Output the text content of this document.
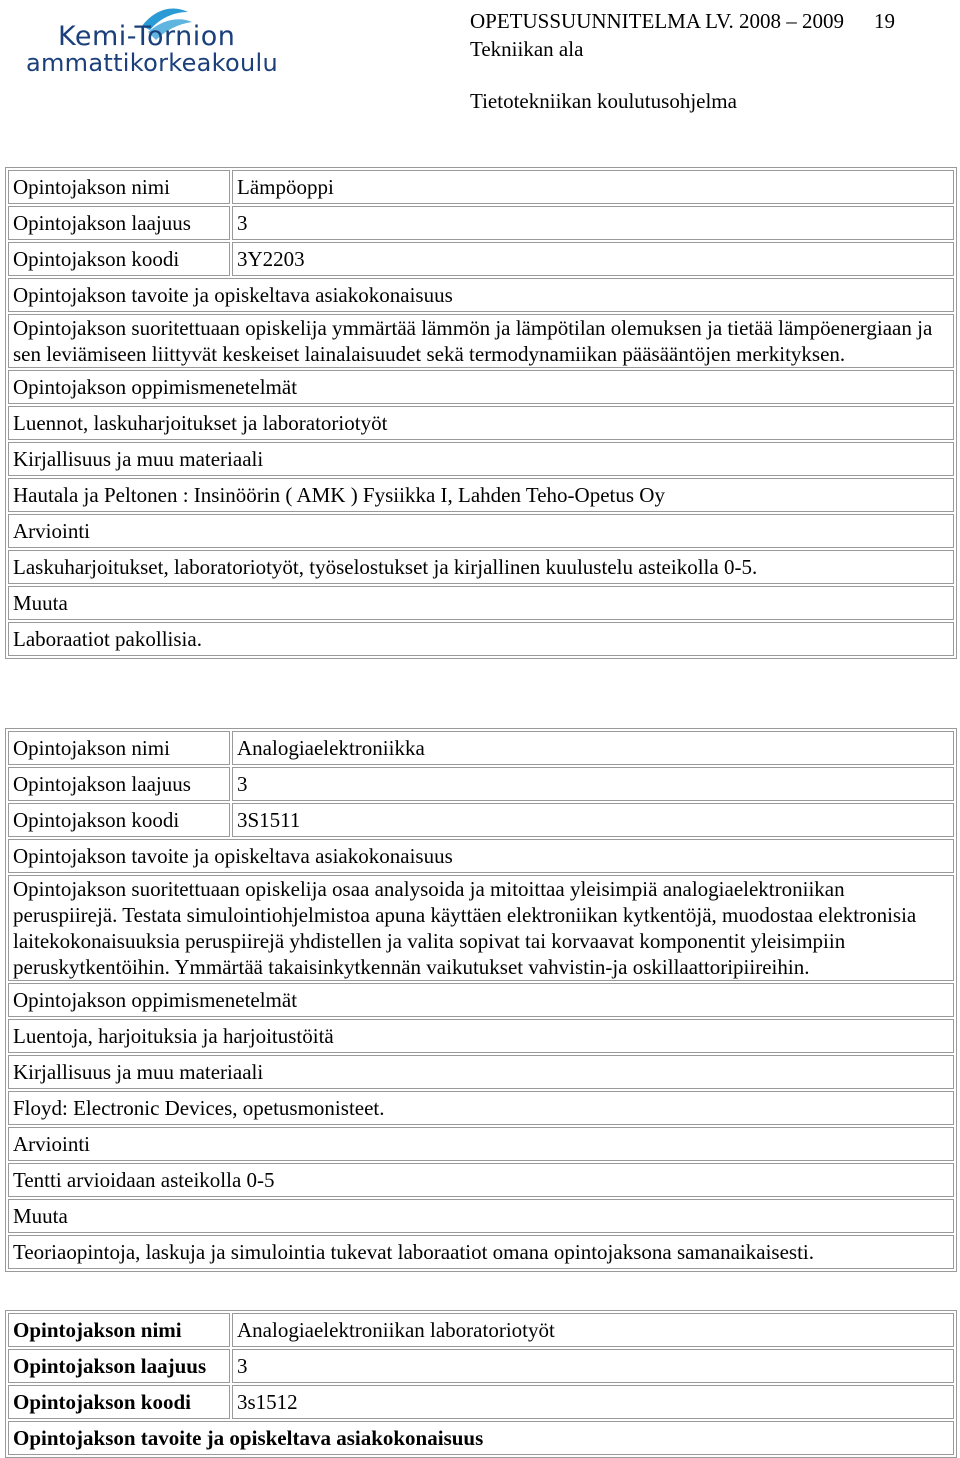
Kemi-Tornion
ammattikorkeakoulu
OPETUSSUUNNITELMA LV. 2008 – 2009 19
Tekniikan ala
Tietotekniikan koulutusohjelma
Opintojakson nimi	Lämpöoppi
Opintojakson laajuus	3
Opintojakson koodi	3Y2203
Opintojakson tavoite ja opiskeltava asiakokonaisuus	
Opintojakson suoritettuaan opiskelija ymmärtää lämmön ja lämpötilan olemuksen ja tietää lämpöenergiaan ja sen leviämiseen liittyvät keskeiset lainalaisuudet sekä termodynamiikan pääsääntöjen merkityksen.	
Opintojakson oppimismenetelmät	
Luennot, laskuharjoitukset ja laboratoriotyöt	
Kirjallisuus ja muu materiaali	
Hautala ja Peltonen : Insinöörin ( AMK ) Fysiikka I, Lahden Teho-Opetus Oy	
Arviointi	
Laskuharjoitukset, laboratoriotyöt, työselostukset ja kirjallinen kuulustelu asteikolla 0-5.	
Muuta	
Laboraatiot pakollisia.	
Opintojakson nimi	Analogiaelektroniikka
Opintojakson laajuus	3
Opintojakson koodi	3S1511
Opintojakson tavoite ja opiskeltava asiakokonaisuus	
Opintojakson suoritettuaan opiskelija osaa analysoida ja mitoittaa yleisimpiä analogiaelektroniikan peruspiirejä. Testata simulointiohjelmistoa apuna käyttäen elektroniikan kytkentöjä, muodostaa elektronisia laitekokonaisuuksia peruspiirejä yhdistellen ja valita sopivat tai korvaavat komponentit yleisimpiin peruskytkentöihin. Ymmärtää takaisinkytkennän vaikutukset vahvistin-ja oskillaattoripiireihin.	
Opintojakson oppimismenetelmät	
Luentoja, harjoituksia ja harjoitustöitä	
Kirjallisuus ja muu materiaali	
Floyd: Electronic Devices, opetusmonisteet.	
Arviointi	
Tentti arvioidaan asteikolla 0-5	
Muuta	
Teoriaopintoja, laskuja ja simulointia tukevat laboraatiot omana opintojaksona samanaikaisesti.	
Opintojakson nimi	Analogiaelektroniikan laboratoriotyöt
Opintojakson laajuus	3
Opintojakson koodi	3s1512
Opintojakson tavoite ja opiskeltava asiakokonaisuus	
